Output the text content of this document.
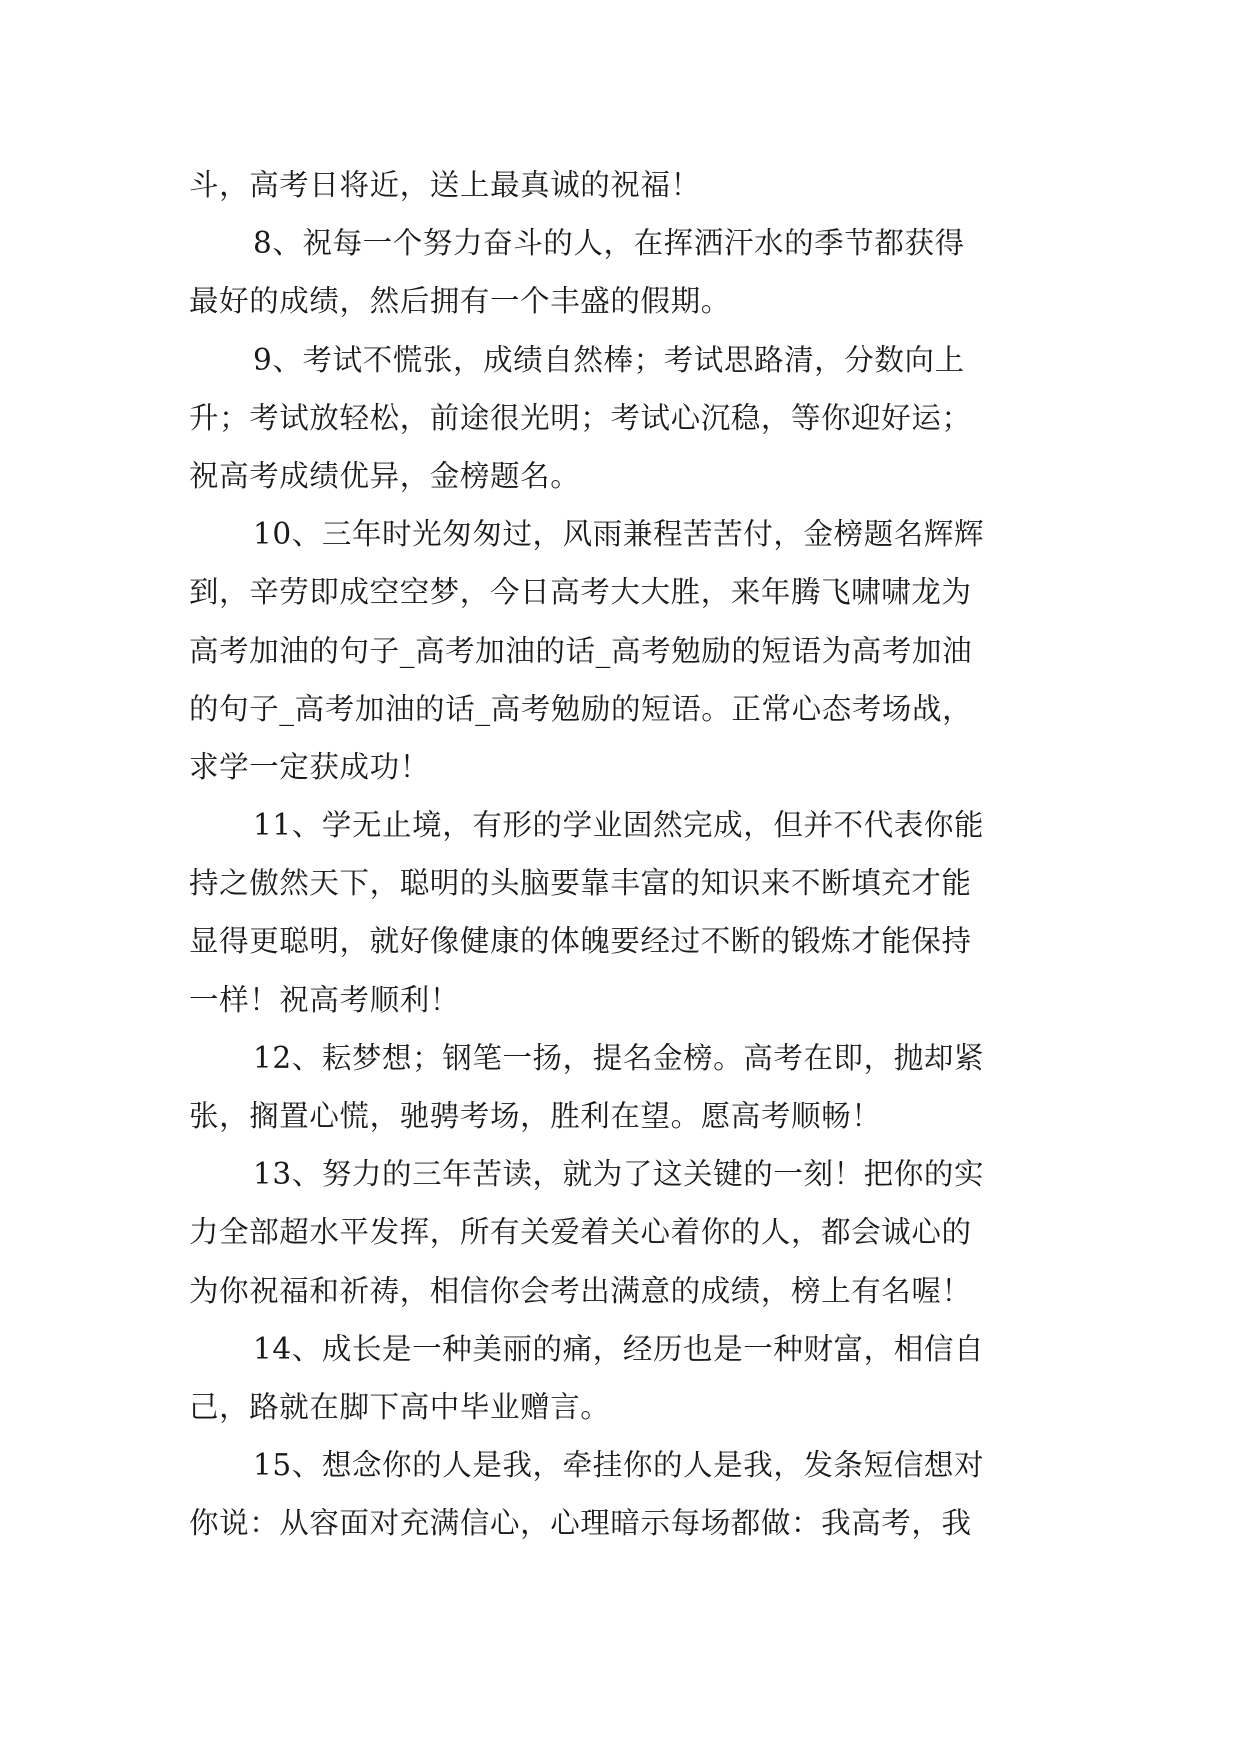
斗，高考日将近，送上最真诚的祝福！
8、祝每一个努力奋斗的人，在挥洒汗水的季节都获得
最好的成绩，然后拥有一个丰盛的假期。
9、考试不慌张，成绩自然棒；考试思路清，分数向上
升；考试放轻松，前途很光明；考试心沉稳，等你迎好运；
祝高考成绩优异，金榜题名。
10、三年时光匆匆过，风雨兼程苦苦付，金榜题名辉辉
到，辛劳即成空空梦，今日高考大大胜，来年腾飞啸啸龙为
高考加油的句子_高考加油的话_高考勉励的短语为高考加油
的句子_高考加油的话_高考勉励的短语。正常心态考场战，
求学一定获成功！
11、学无止境，有形的学业固然完成，但并不代表你能
持之傲然天下，聪明的头脑要靠丰富的知识来不断填充才能
显得更聪明，就好像健康的体魄要经过不断的锻炼才能保持
一样！祝高考顺利！
12、耘梦想；钢笔一扬，提名金榜。高考在即，抛却紧
张，搁置心慌，驰骋考场，胜利在望。愿高考顺畅！
13、努力的三年苦读，就为了这关键的一刻！把你的实
力全部超水平发挥，所有关爱着关心着你的人，都会诚心的
为你祝福和祈祷，相信你会考出满意的成绩，榜上有名喔！
14、成长是一种美丽的痛，经历也是一种财富，相信自
己，路就在脚下高中毕业赠言。
15、想念你的人是我，牵挂你的人是我，发条短信想对
你说：从容面对充满信心，心理暗示每场都做：我高考，我
